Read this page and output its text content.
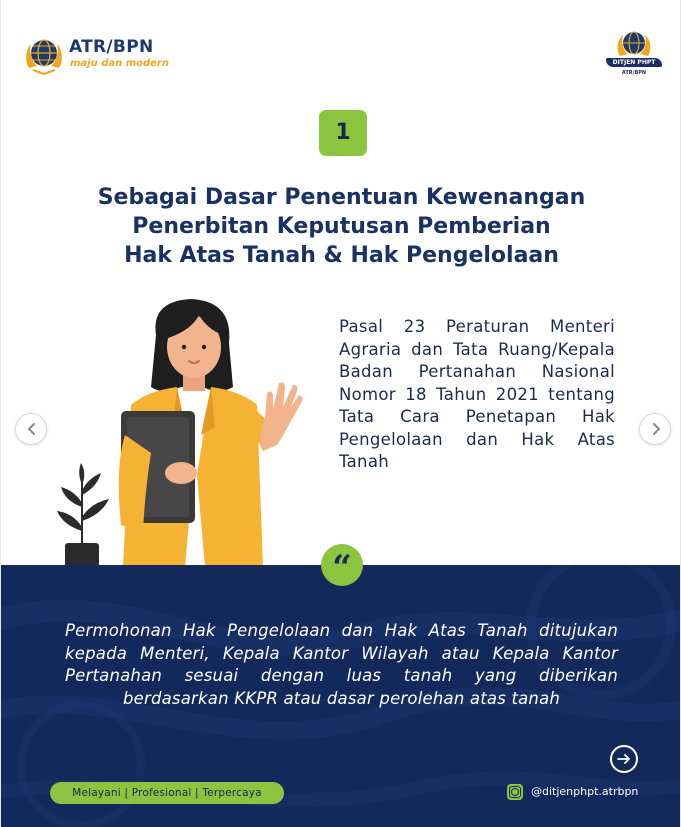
ATR/BPN
maju dan modern	DITJEN PHPT
ATR/BPN
1
Sebagai Dasar Penentuan Kewenangan
Penerbitan Keputusan Pemberian
Hak Atas Tanah & Hak Pengelolaan
Pasal 23 Peraturan Menteri Agraria dan Tata Ruang/Kepala Badan Pertanahan Nasional Nomor 18 Tahun 2021 tentang Tata Cara Penetapan Hak Pengelolaan dan Hak Atas Tanah
“
Permohonan Hak Pengelolaan dan Hak Atas Tanah ditujukan kepada Menteri, Kepala Kantor Wilayah atau Kepala Kantor Pertanahan sesuai dengan luas tanah yang diberikan berdasarkan KKPR atau dasar perolehan atas tanah
Melayani | Profesional | Terpercaya	@ditjenphpt.atrbpn
